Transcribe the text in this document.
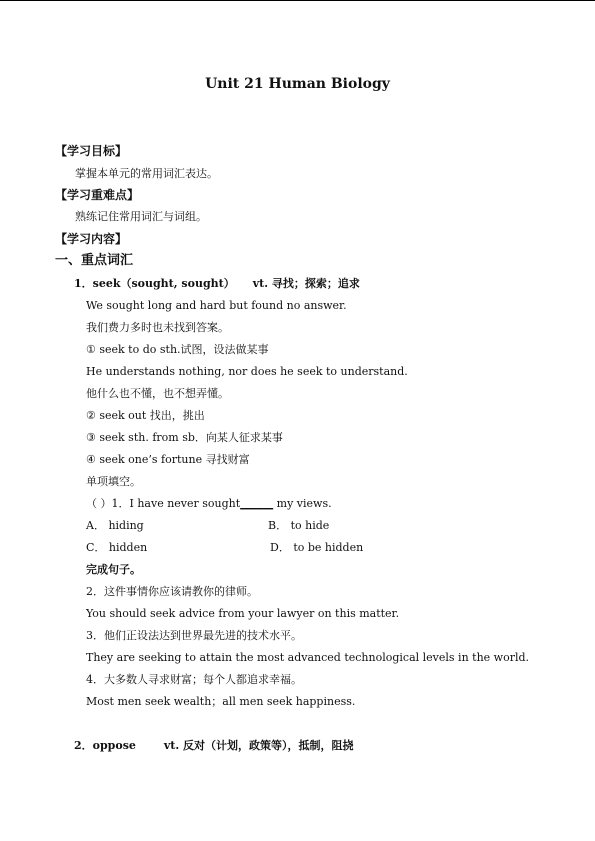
Unit 21 Human Biology
【学习目标】
掌握本单元的常用词汇表达。
【学习重难点】
熟练记住常用词汇与词组。
【学习内容】
一、重点词汇
1．seek（sought, sought） vt. 寻找；探索；追求
We sought long and hard but found no answer.
我们费力多时也未找到答案。
① seek to do sth.试图，设法做某事
He understands nothing, nor does he seek to understand.
他什么也不懂，也不想弄懂。
② seek out 找出，挑出
③ seek sth. from sb．向某人征求某事
④ seek one’s fortune 寻找财富
单项填空。
（ ）1．I have never sought______ my views.
A． hiding	B． to hide
C． hidden	D． to be hidden
完成句子。
2．这件事情你应该请教你的律师。
You should seek advice from your lawyer on this matter.
3．他们正设法达到世界最先进的技术水平。
They are seeking to attain the most advanced technological levels in the world.
4．大多数人寻求财富；每个人都追求幸福。
Most men seek wealth；all men seek happiness.
2．oppose	vt. 反对（计划，政策等），抵制，阻挠
